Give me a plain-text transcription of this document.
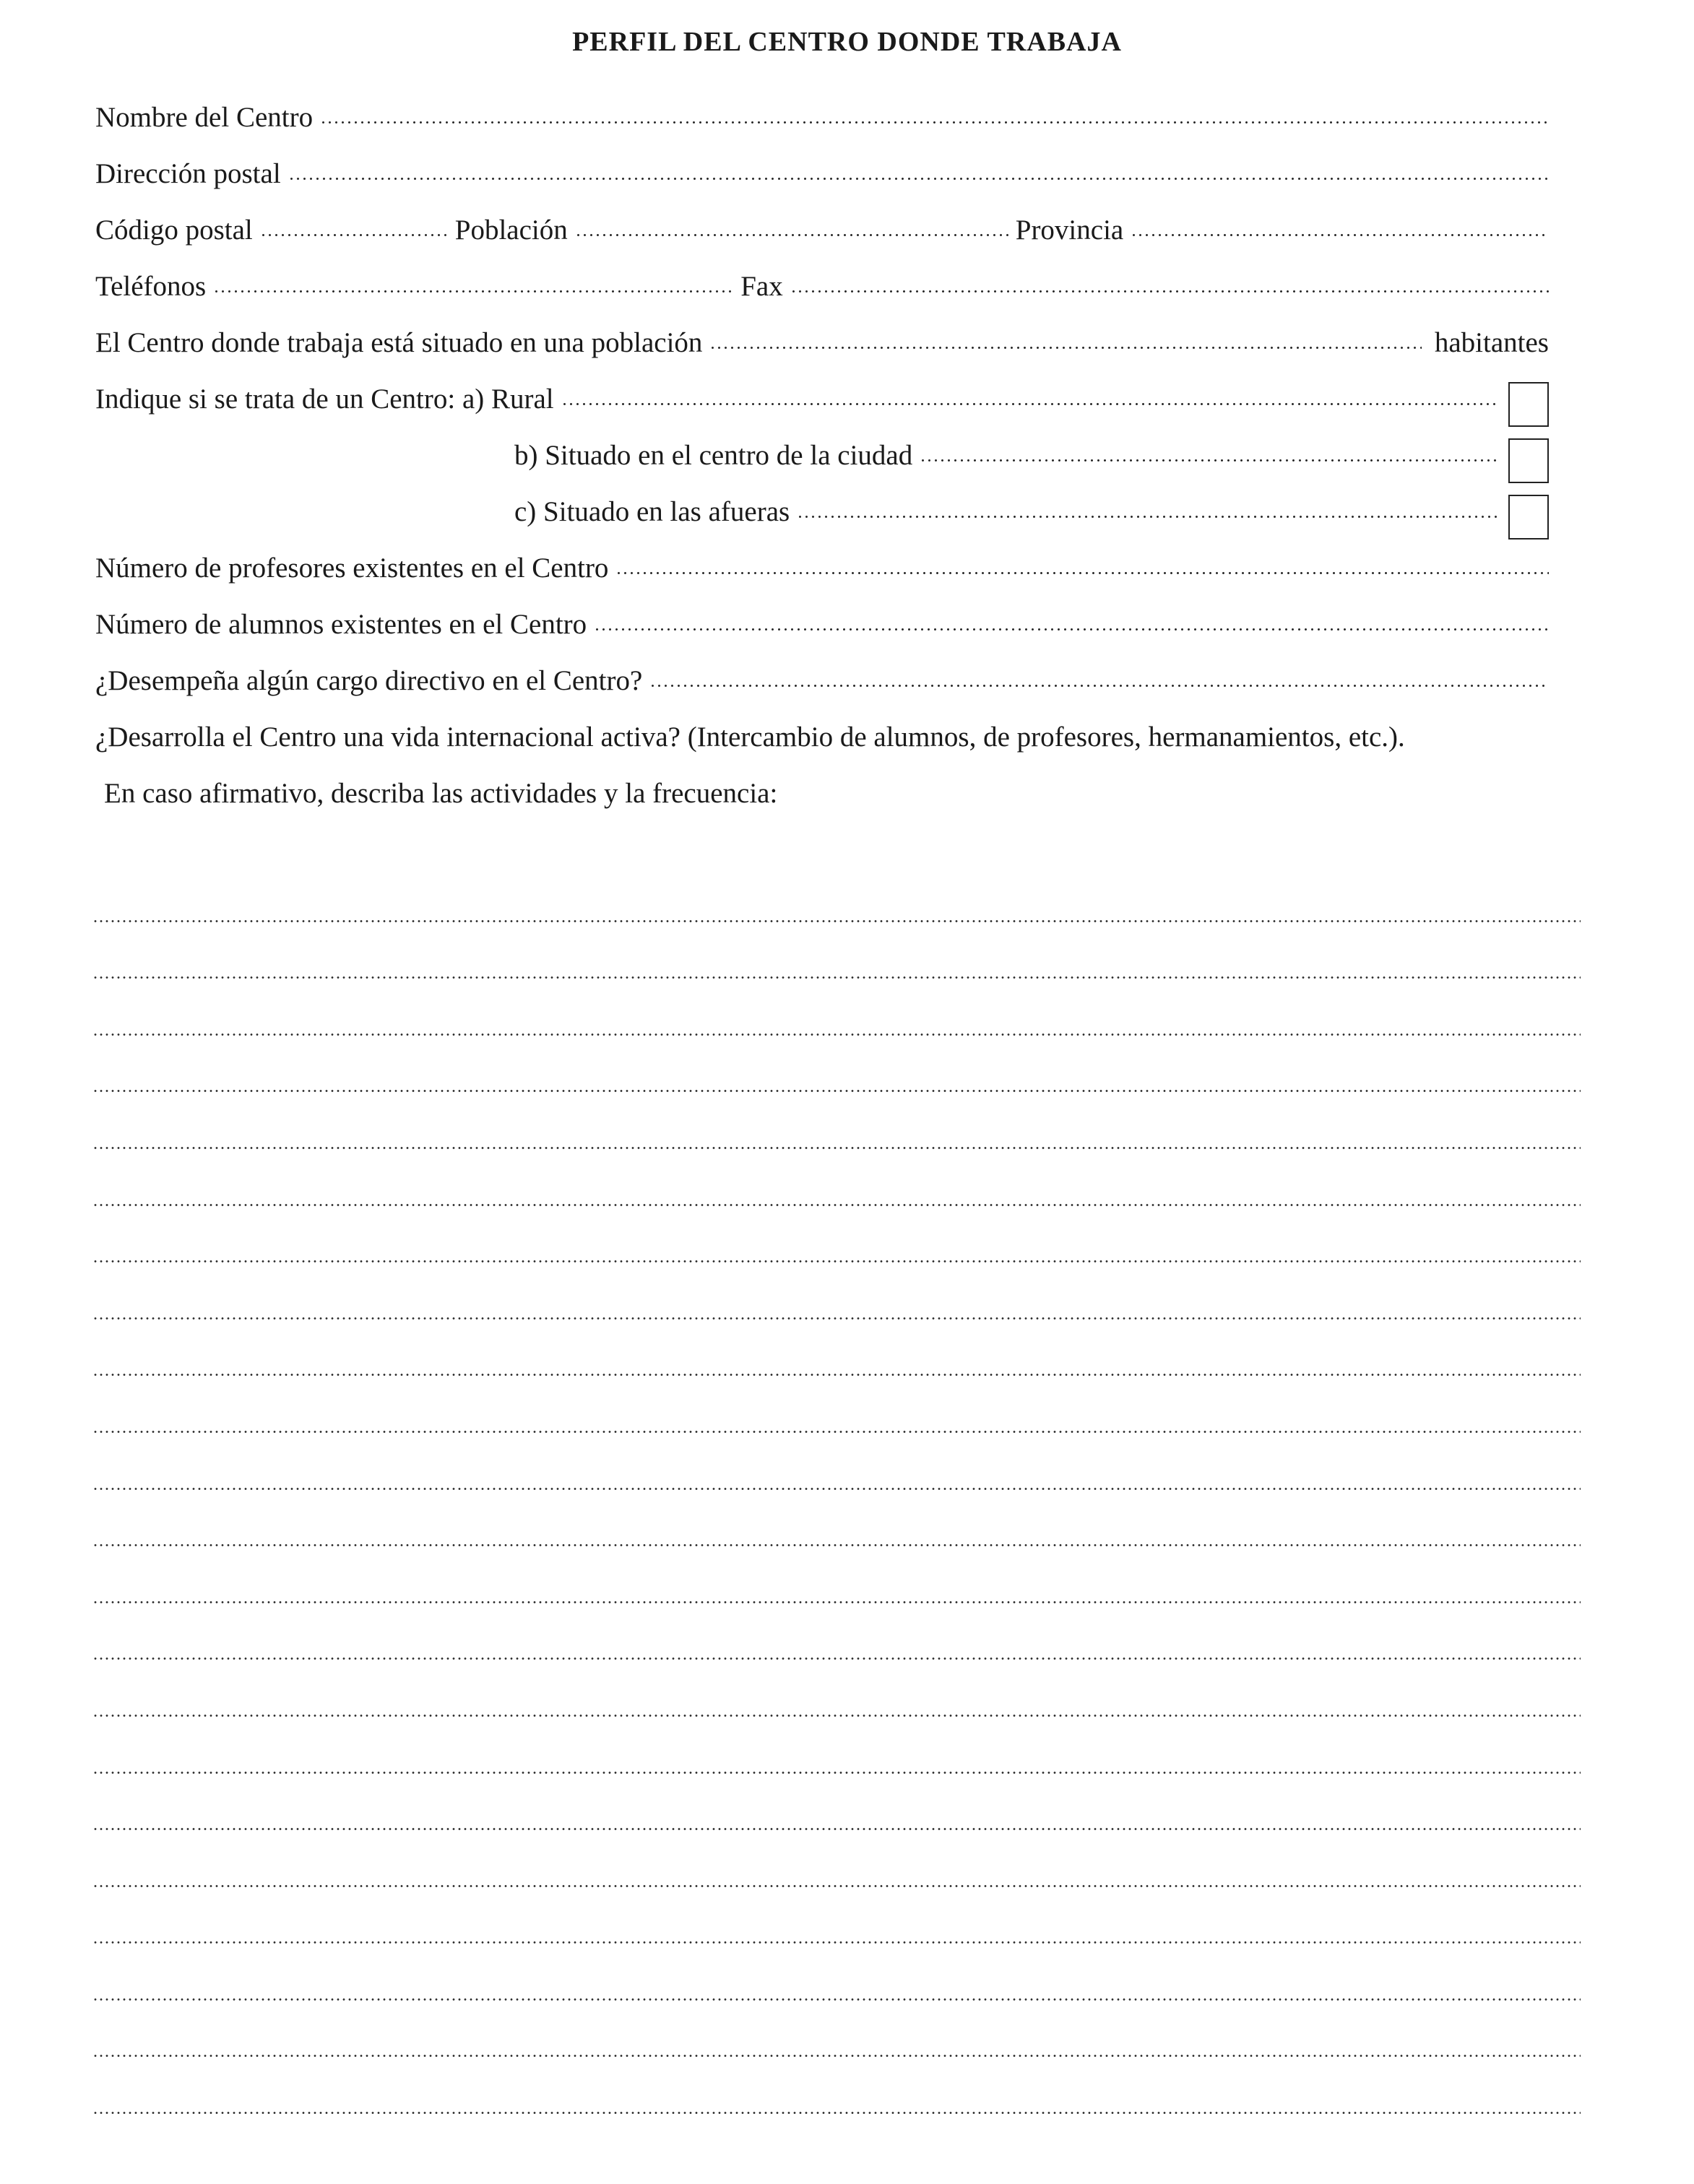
PERFIL DEL CENTRO DONDE TRABAJA
Nombre del Centro
Dirección postal
Código postal	Población	Provincia
Teléfonos	Fax
El Centro donde trabaja está situado en una población	habitantes
Indique si se trata de un Centro: a) Rural
b) Situado en el centro de la ciudad
c) Situado en las afueras
Número de profesores existentes en el Centro
Número de alumnos existentes en el Centro
¿Desempeña algún cargo directivo en el Centro?
¿Desarrolla el Centro una vida internacional activa? (Intercambio de alumnos, de profesores, hermanamientos, etc.).
En caso afirmativo, describa las actividades y la frecuencia:
